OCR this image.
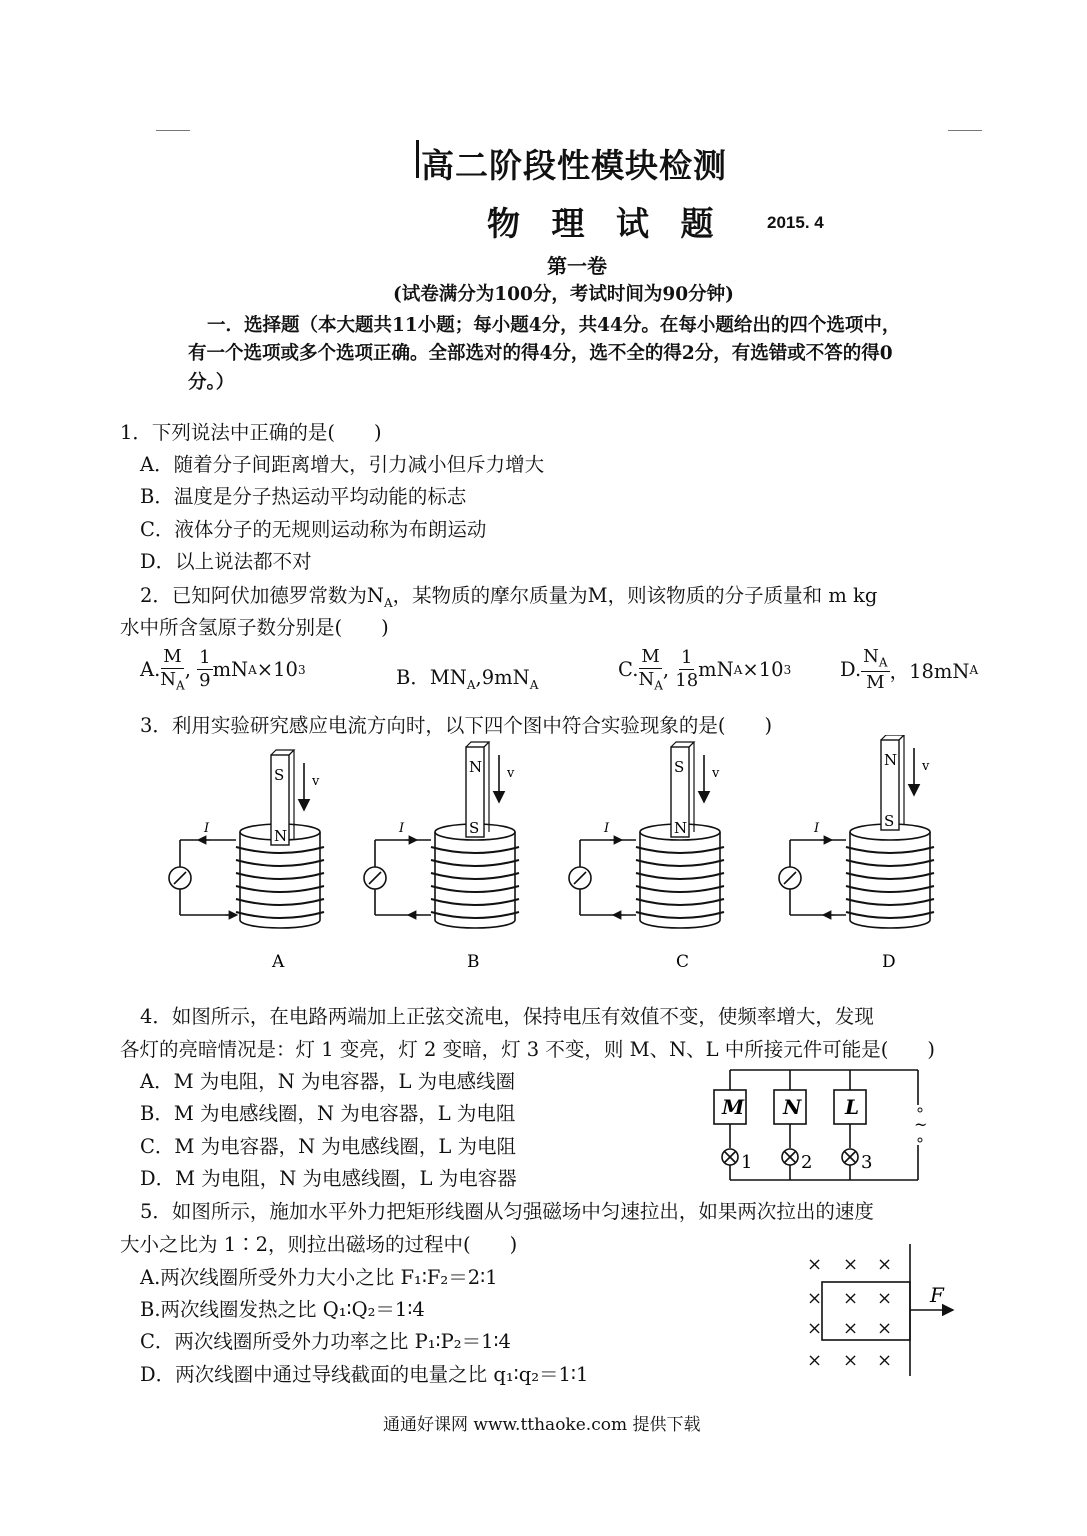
高二阶段性模块检测
物 理 试 题	2015. 4
第一卷
(试卷满分为100分，考试时间为90分钟)
一．选择题（本大题共11小题；每小题4分，共44分。在每小题给出的四个选项中，
有一个选项或多个选项正确。全部选对的得4分，选不全的得2分，有选错或不答的得0
分。）
1．下列说法中正确的是(　　)
A．随着分子间距离增大，引力减小但斥力增大
B．温度是分子热运动平均动能的标志
C．液体分子的无规则运动称为布朗运动
D．以上说法都不对
2．已知阿伏加德罗常数为$N_A$，某物质的摩尔质量为M，则该物质的分子质量和 m kg
水中所含氢原子数分别是(　　)
A. $\frac{M}{N_A}$ ,
$\frac{1}{9}$ mN A ×10 3	B．$MN_A,9mN_A$
C. $\frac{M}{N_A}$ ,
$\frac{1}{18}$ mN A ×10 3	D. $\frac{N_A}{M}$ ，18mN A
3．利用实验研究感应电流方向时，以下四个图中符合实验现象的是(　　)
S
N
v
I
A
N
S
v
I
B
S
N
v
I
C
N
S
v
I
D
4．如图所示，在电路两端加上正弦交流电，保持电压有效值不变，使频率增大，发现
各灯的亮暗情况是：灯 1 变亮，灯 2 变暗，灯 3 不变，则 M、N、L 中所接元件可能是(　　)
A．M 为电阻，N 为电容器，L 为电感线圈
B．M 为电感线圈，N 为电容器，L 为电阻
C．M 为电容器，N 为电感线圈，L 为电阻
D．M 为电阻，N 为电感线圈，L 为电容器
~
M N L
1	2	3
5．如图所示，施加水平外力把矩形线圈从匀强磁场中匀速拉出，如果两次拉出的速度
大小之比为 1∶2，则拉出磁场的过程中(　　)
A.两次线圈所受外力大小之比 F₁∶F₂＝2∶1
B.两次线圈发热之比 Q₁∶Q₂＝1∶4
C．两次线圈所受外力功率之比 P₁∶P₂＝1∶4
D．两次线圈中通过导线截面的电量之比 q₁∶q₂＝1∶1
× × ×
× × ×
× × ×
× × ×
F
通通好课网 www.tthaoke.com 提供下载
